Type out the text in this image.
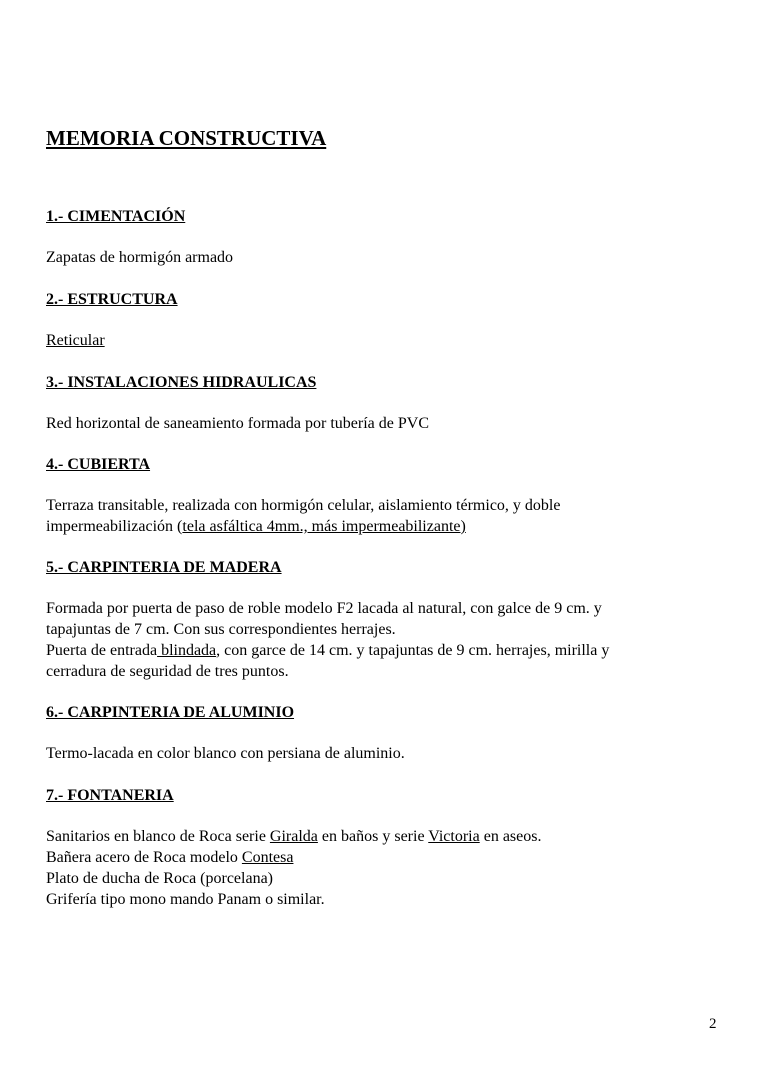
MEMORIA CONSTRUCTIVA
1.- CIMENTACIÓN

Zapatas de hormigón armado

2.- ESTRUCTURA

Reticular

3.- INSTALACIONES HIDRAULICAS

Red horizontal de saneamiento formada por tubería de PVC

4.- CUBIERTA

Terraza transitable, realizada con hormigón celular, aislamiento térmico, y doble
impermeabilización (tela asfáltica 4mm., más impermeabilizante)

5.- CARPINTERIA DE MADERA

Formada por puerta de paso de roble modelo F2 lacada al natural, con galce de 9 cm. y
tapajuntas de 7 cm. Con sus correspondientes herrajes.
Puerta de entrada blindada, con garce de 14 cm. y tapajuntas de 9 cm. herrajes, mirilla y
cerradura de seguridad de tres puntos.

6.- CARPINTERIA DE ALUMINIO

Termo-lacada en color blanco con persiana de aluminio.

7.- FONTANERIA

Sanitarios en blanco de Roca serie Giralda en baños y serie Victoria en aseos.
Bañera acero de Roca modelo Contesa
Plato de ducha de Roca (porcelana)
Grifería tipo mono mando Panam o similar.

2
